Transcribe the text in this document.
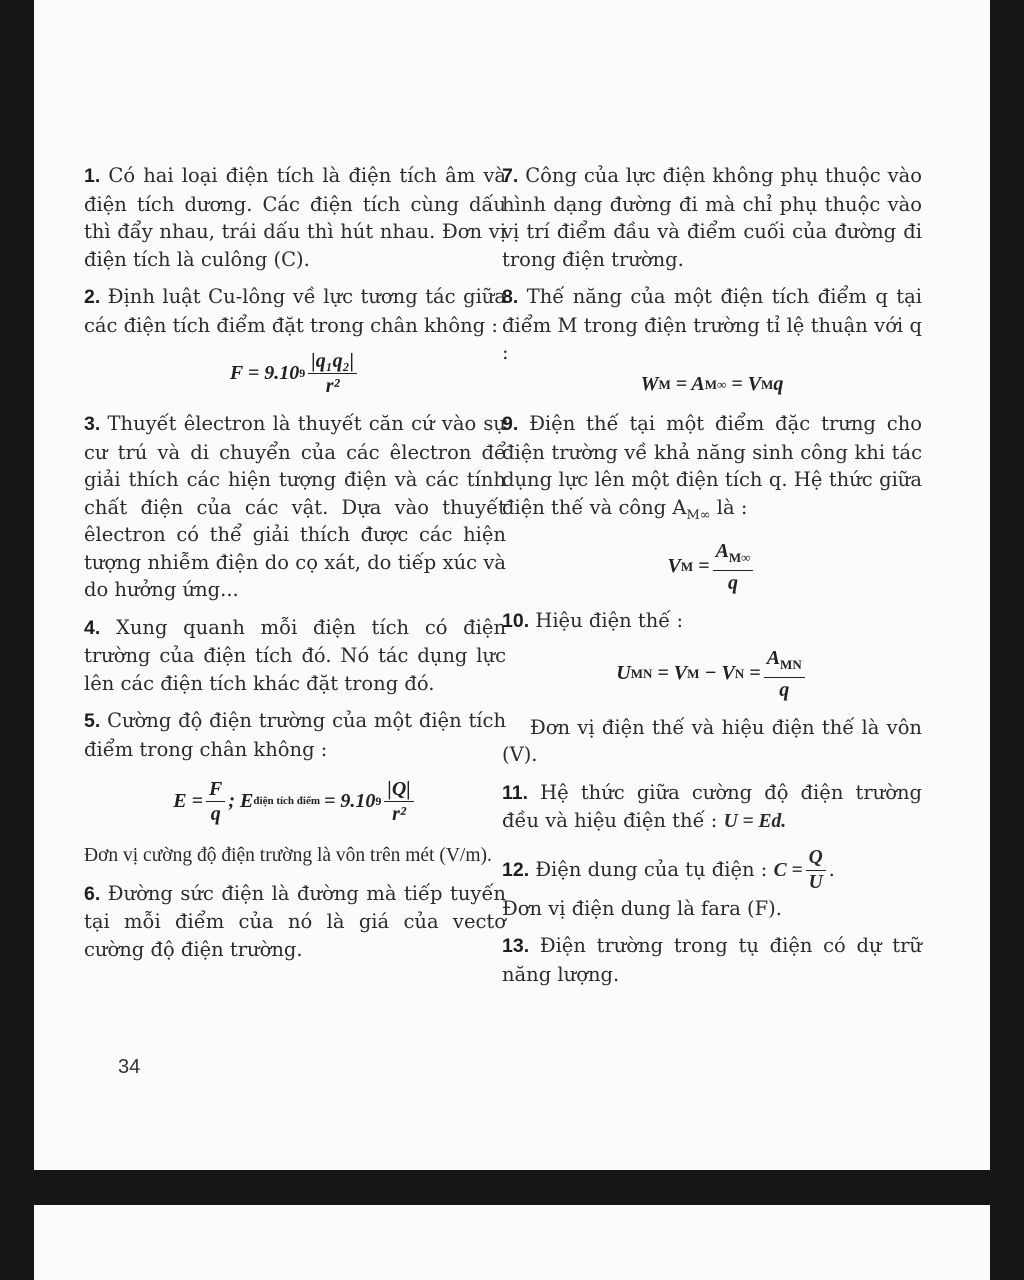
1. Có hai loại điện tích là điện tích âm và điện tích dương. Các điện tích cùng dấu thì đẩy nhau, trái dấu thì hút nhau. Đơn vị điện tích là culông (C).

2. Định luật Cu-lông về lực tương tác giữa các điện tích điểm đặt trong chân không :

F = 9.10 $9 \frac{\text{|q₁q₂|}}{\text{r²}}$

3. Thuyết êlectron là thuyết căn cứ vào sự cư trú và di chuyển của các êlectron để giải thích các hiện tượng điện và các tính chất điện của các vật. Dựa vào thuyết êlectron có thể giải thích được các hiện tượng nhiễm điện do cọ xát, do tiếp xúc và do hưởng ứng...

4. Xung quanh mỗi điện tích có điện trường của điện tích đó. Nó tác dụng lực lên các điện tích khác đặt trong đó.

5. Cường độ điện trường của một điện tích điểm trong chân không :

$E = \frac{F}{q}$ ; E điện tích điểm = 9.10 $9 \frac{|Q|}{\text{r²}}$

Đơn vị cường độ điện trường là vôn trên mét (V/m).

6. Đường sức điện là đường mà tiếp tuyến tại mỗi điểm của nó là giá của vectơ cường độ điện trường.

7. Công của lực điện không phụ thuộc vào hình dạng đường đi mà chỉ phụ thuộc vào vị trí điểm đầu và điểm cuối của đường đi trong điện trường.

8. Thế năng của một điện tích điểm q tại điểm M trong điện trường tỉ lệ thuận với q :

W M
= A M∞
= V M q

9. Điện thế tại một điểm đặc trưng cho điện trường về khả năng sinh công khi tác dụng lực lên một điện tích q. Hệ thức giữa điện thế và công $A_{M\infty}$ là :

V M
= $\frac{A_{M\infty}}{q}$

10. Hiệu điện thế :

U MN
= V M
− V N
= $\frac{A_{MN}}{q}$

Đơn vị điện thế và hiệu điện thế là vôn (V).

11. Hệ thức giữa cường độ điện trường đều và hiệu điện thế : U = Ed.

12. Điện dung của tụ điện : $C = \frac{Q}{U}$ .
Đơn vị điện dung là fara (F).

13. Điện trường trong tụ điện có dự trữ năng lượng.

34
